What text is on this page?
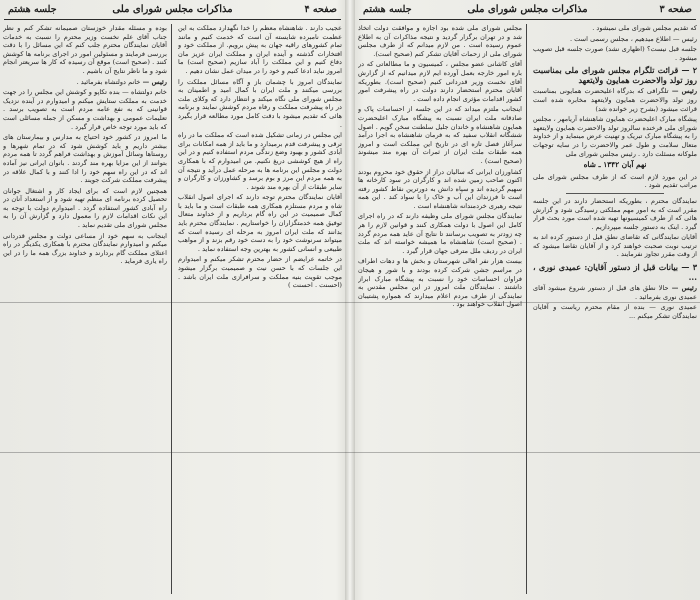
صفحه ۴
مذاکرات مجلس شورای ملی
جلسه هشتم

عجیب دارند . شاهنشاه معظم را خدا نگهدارد مملکت به این عظمت نامبرده شایسته آن است که خدمت کنیم و مانند تمام کشورهای راقیه جهان به پیش برویم. از مملکت خود و افتخارات گذشته و آینده ایران و مملکت ایران عزیز مان دفاع کنیم و این مملکت را آباد سازیم (صحیح است) ما امروز نباید ادعا کنیم و خود را در میدان عمل نشان دهیم .

نمایندگان امروز با چشمان باز و آگاه مسائل مملکت را بررسی میکنند و ملت ایران با کمال امید و اطمینان به مجلس شورای ملی نگاه میکند و انتظار دارد که وکلای ملت در راه پیشرفت مملکت و رفاه مردم کوشش نمایند و برنامه هائی که تقدیم میشود با دقت کامل مورد مطالعه قرار بگیرد .

این مجلس در زمانی تشکیل شده است که مملکت ما در راه ترقی و پیشرفت قدم برمیدارد و ما باید از همه امکانات برای آبادی کشور و بهبود وضع زندگی مردم استفاده کنیم و در این راه از هیچ کوششی دریغ نکنیم. من امیدوارم که با همکاری دولت و مجلس این برنامه ها به مرحله عمل درآید و نتیجه آن به همه مردم این مرز و بوم برسد و کشاورزان و کارگران و سایر طبقات از آن بهره مند شوند .

آقایان نمایندگان محترم توجه دارند که اجرای اصول انقلاب شاه و مردم مستلزم همکاری همه طبقات است و ما باید با کمال صمیمیت در این راه گام برداریم و از خداوند متعال توفیق همه خدمتگزاران را خواستاریم . نمایندگان محترم باید بدانند که ملت ایران امروز به مرحله ای رسیده است که میتواند سرنوشت خود را به دست خود رقم بزند و از مواهب طبیعی و انسانی کشور به بهترین وجه استفاده نماید .

در خاتمه عرایضم از حضار محترم تشکر میکنم و امیدوارم این جلسات که با حسن نیت و صمیمیت برگزار میشود موجب تقویت بنیه مملکت و سرافرازی ملت ایران باشد . (احسنت . احسنت )

بوده و مسئله مقدار خوزستان صمیمانه تشکر کنم و نظر جناب آقای علم نخست وزیر محترم را نسبت به خدمات آقایان نمایندگان محترم جلب کنم که این مسائل را با دقت بررسی فرمایند و مسئولین امور در اجرای برنامه ها کوشش کنند . (صحیح است) موقع آن رسیده که کار ها سریعتر انجام شود و ما ناظر نتایج آن باشیم .

رئیس — خانم دولتشاه بفرمائید .

خانم دولتشاه — بنده تکاپو و کوشش این مجلس را در جهت خدمت به مملکت ستایش میکنم و امیدوارم در آینده نزدیک قوانینی که به نفع عامه مردم است به تصویب برسد . تعلیمات عمومی و بهداشت و مسکن از جمله مسائلی است که باید مورد توجه خاص قرار گیرد .

ما امروز در کشور خود احتیاج به مدارس و بیمارستان های بیشتر داریم و باید کوشش شود که در تمام شهرها و روستاها وسائل آموزش و بهداشت فراهم گردد تا همه مردم بتوانند از این مزایا بهره مند گردند . بانوان ایرانی نیز آماده اند که در این راه سهم خود را ادا کنند و با کمال علاقه در پیشرفت مملکت شرکت جویند .

همچنین لازم است که برای ایجاد کار و اشتغال جوانان تحصیل کرده برنامه ای منظم تهیه شود و از استعداد آنان در راه آبادی کشور استفاده گردد . امیدوارم دولت با توجه به این نکات اقدامات لازم را معمول دارد و گزارش آن را به مجلس شورای ملی تقدیم نماید .

اینجانب به سهم خود از مساعی دولت و مجلس قدردانی میکنم و امیدوارم نمایندگان محترم با همکاری یکدیگر در راه اعتلای مملکت گام بردارند و خداوند بزرگ همه ما را در این راه یاری فرماید .

صفحه ۳
مذاکرات مجلس شورای ملی
جلسه هشتم

که تقدیم مجلس شورای ملی نمیشود .

رئیس — اطلاع میدهیم ، مجلس رسمی است .

جلسه قبل نیست؟ (اظهاری نشد) صورت جلسه قبل تصویب میشود .

۲ — قرائت تلگرام مجلس شورای ملی بمناسبت روز تولد والاحضرت همایون ولایتعهد

رئیس — تلگرافی که بدرگاه اعلیحضرت همایونی بمناسبت روز تولد والاحضرت همایون ولایتعهد مخابره شده است قرائت میشود (بشرح زیر خوانده شد)

پیشگاه مبارک اعلیحضرت همایون شاهنشاه آریامهر ، مجلس شورای ملی فرخنده سالروز تولد والاحضرت همایون ولایتعهد را به پیشگاه مبارک تبریک و تهنیت عرض مینماید و از خداوند متعال سلامت و طول عمر والاحضرت را در سایه توجهات ملوکانه مسئلت دارد . رئیس مجلس شورای ملی

نهم آبان ۱۳۴۲ ـ شاه

در این مورد لازم است که از طرف مجلس شورای ملی مراتب تقدیم شود .

نمایندگان محترم ، بطوریکه استحضار دارند در این جلسه مقرر است که به امور مهم مملکتی رسیدگی شود و گزارش هائی که از طرف کمیسیونها تهیه شده است مورد بحث قرار گیرد . اینک به دستور جلسه میپردازیم .

آقایان نمایندگانی که تقاضای نطق قبل از دستور کرده اند به ترتیب نوبت صحبت خواهند کرد و از آقایان تقاضا میشود که از وقت مقرر تجاوز نفرمایند .

۳ — بیانات قبل از دستور آقایان: عمیدی نوری ، ...

رئیس — حالا نطق های قبل از دستور شروع میشود آقای عمیدی نوری بفرمائید .

عمیدی نوری — بنده از مقام محترم ریاست و آقایان نمایندگان تشکر میکنم ...

مجلس شورای ملی شده بود اجازه و موافقت دولت اتخاذ شد و در تهران برگزار گردید و نتیجه مذاکرات آن به اطلاع عموم رسیده است . من لازم میدانم که از طرف مجلس شورای ملی از زحمات آقایان تشکر کنم (صحیح است).

آقای کاشانی عضو مجلس ، کمیسیون و ما مطالعاتی که در باره امور خارجه بعمل آورده ایم لازم میدانیم که از گزارش آقای نخست وزیر قدردانی کنیم (صحیح است). بطوریکه آقایان محترم استحضار دارند دولت در راه پیشرفت امور کشور اقدامات مؤثری انجام داده است .

اینجانب ملتزم میداند که در این جلسه از احساسات پاک و صادقانه ملت ایران نسبت به پیشگاه مبارک اعلیحضرت همایون شاهنشاه و خاندان جلیل سلطنت سخن گویم . اصول ششگانه انقلاب سفید که به فرمان شاهنشاه به اجرا درآمد سرآغاز فصل تازه ای در تاریخ این مملکت است و امروز همه طبقات ملت ایران از ثمرات آن بهره مند میشوند (صحیح است) .

کشاورزان ایرانی که سالیان دراز از حقوق خود محروم بودند اکنون صاحب زمین شده اند و کارگران در سود کارخانه ها سهیم گردیده اند و سپاه دانش به دورترین نقاط کشور رفته است تا فرزندان این آب و خاک را با سواد کند . این همه نتیجه رهبری خردمندانه شاهنشاه است .

نمایندگان مجلس شورای ملی وظیفه دارند که در راه اجرای کامل این اصول با دولت همکاری کنند و قوانین لازم را هر چه زودتر به تصویب برسانند تا نتایج آن عاید همه مردم گردد . (صحیح است) شاهنشاه ما همیشه خواسته اند که ملت ایران در ردیف ملل مترقی جهان قرار گیرد .

بیست هزار نفر اهالی شهرستان و بخش ها و دهات اطراف در مراسم جشن شرکت کرده بودند و با شور و هیجان فراوان احساسات خود را نسبت به پیشگاه مبارک ابراز داشتند . نمایندگان ملت امروز در این مجلس مقدس به نمایندگی از طرف مردم اعلام میدارند که همواره پشتیبان اصول انقلاب خواهند بود .
